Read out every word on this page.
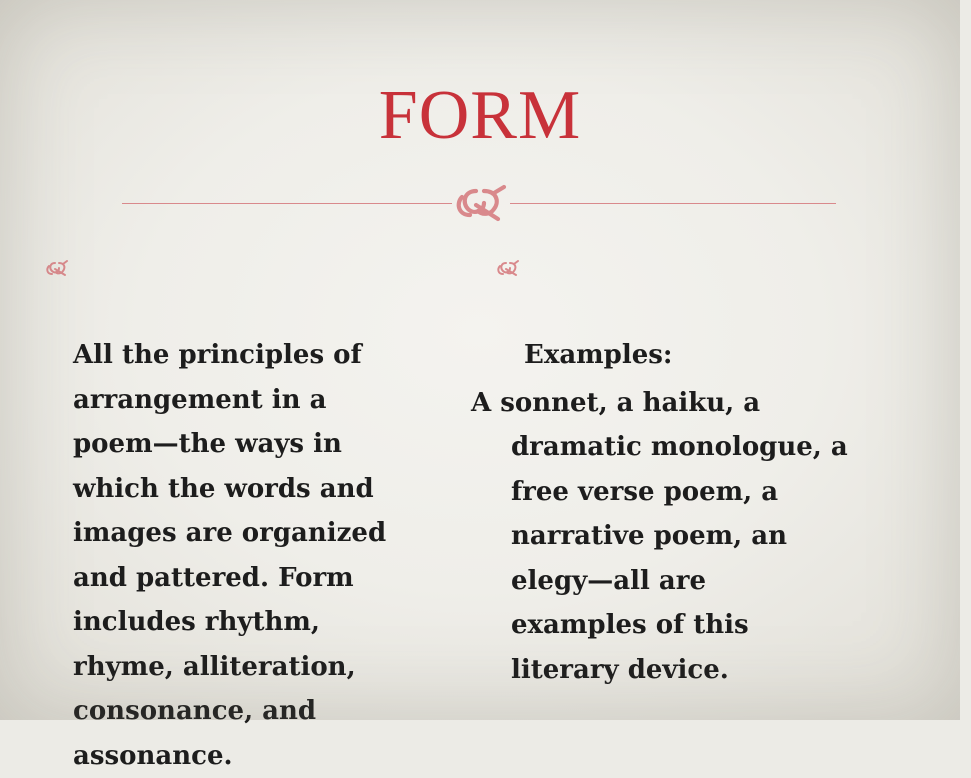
FORM

All the principles of
arrangement in a
poem—the ways in
which the words and
images are organized
and pattered. Form
includes rhythm,
rhyme, alliteration,
consonance, and
assonance.

Examples:

A sonnet, a haiku, a
dramatic monologue, a
free verse poem, a
narrative poem, an
elegy—all are
examples of this
literary device.
